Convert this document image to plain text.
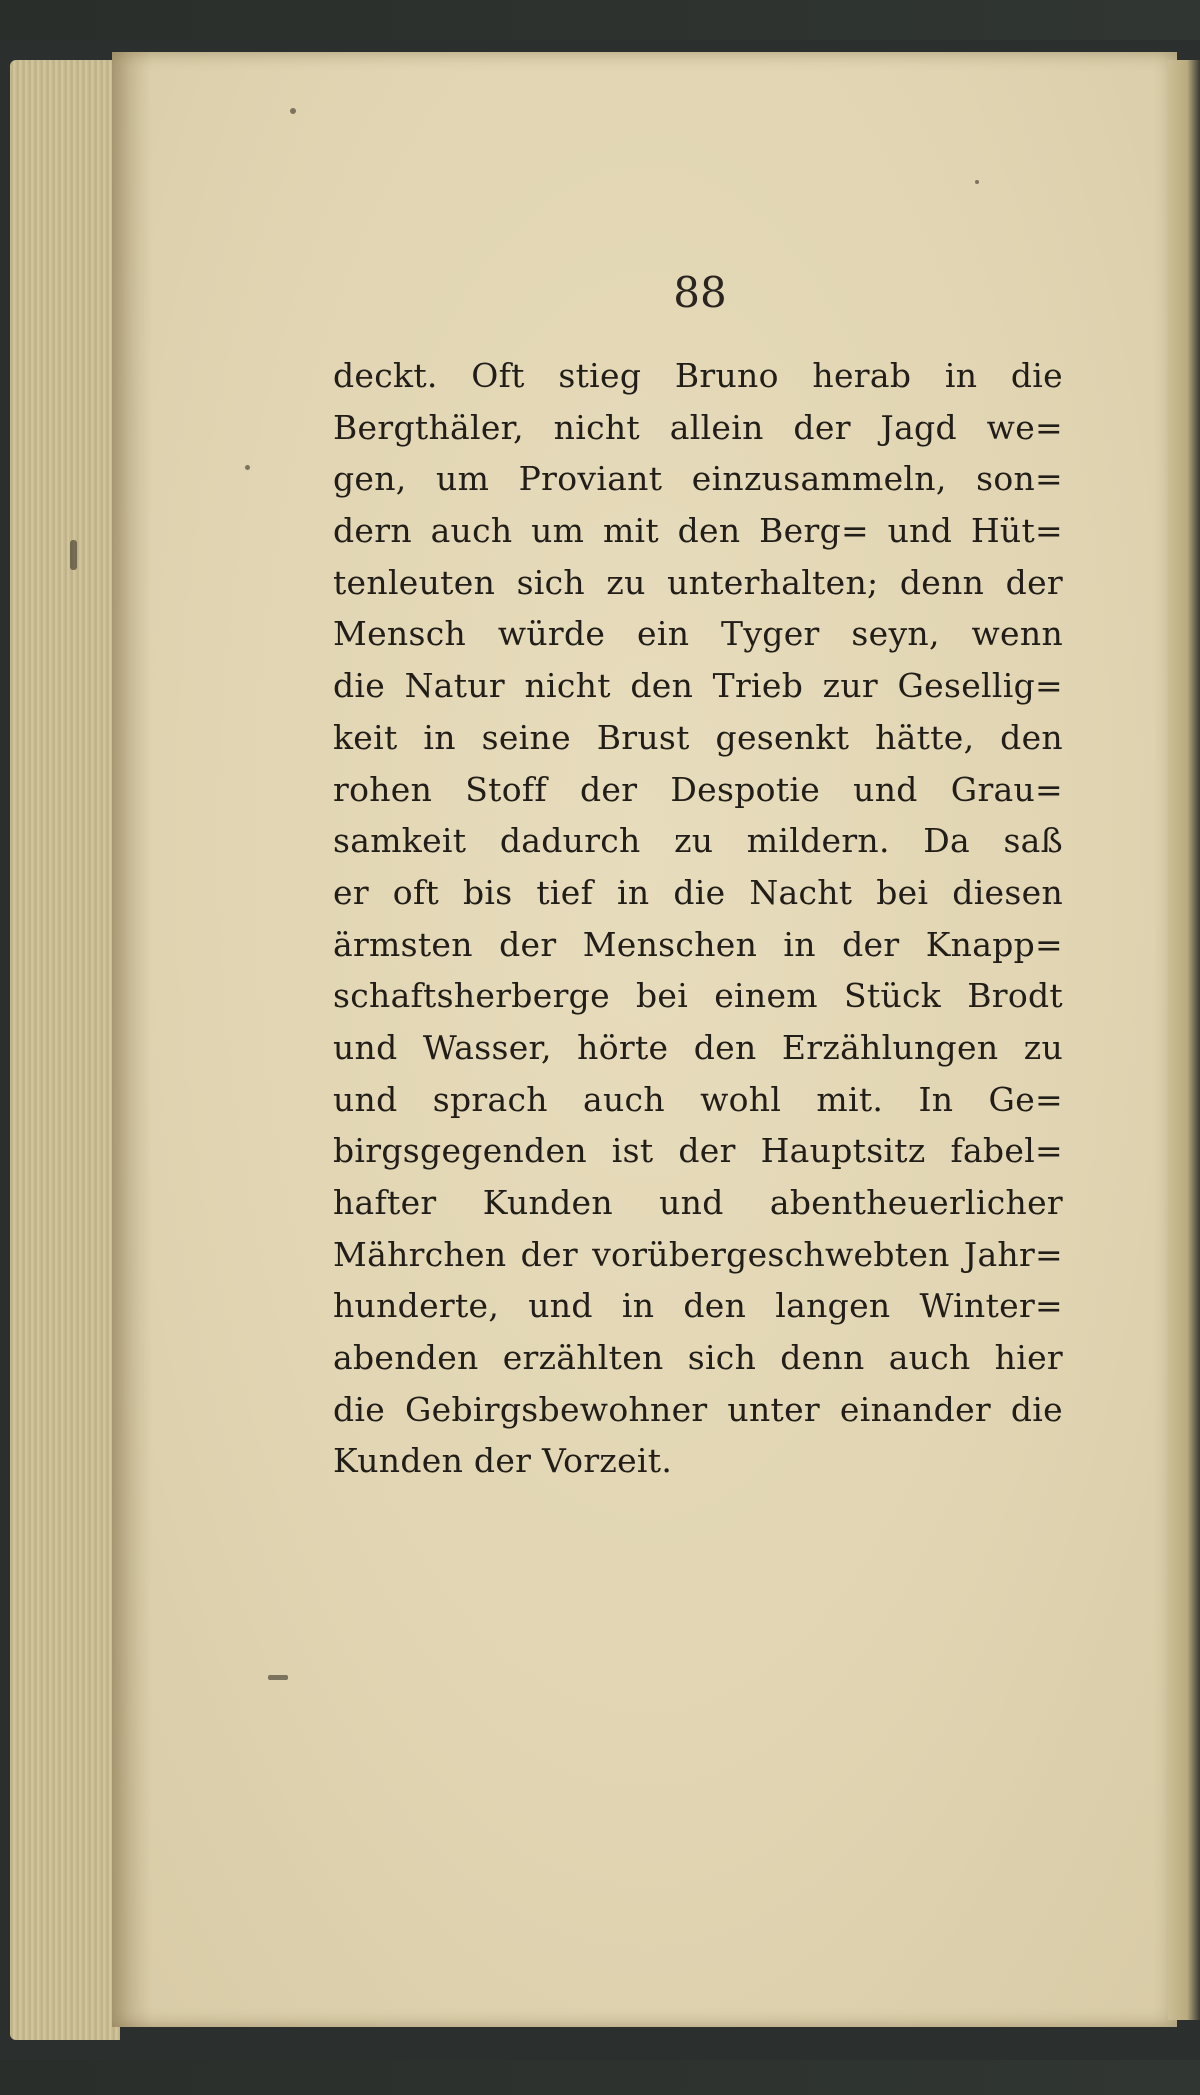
88
deckt. Oft stieg Bruno herab in die
Bergthäler, nicht allein der Jagd we=
gen, um Proviant einzusammeln, son=
dern auch um mit den Berg= und Hüt=
tenleuten sich zu unterhalten; denn der
Mensch würde ein Tyger seyn, wenn
die Natur nicht den Trieb zur Gesellig=
keit in seine Brust gesenkt hätte, den
rohen Stoff der Despotie und Grau=
samkeit dadurch zu mildern. Da saß
er oft bis tief in die Nacht bei diesen
ärmsten der Menschen in der Knapp=
schaftsherberge bei einem Stück Brodt
und Wasser, hörte den Erzählungen zu
und sprach auch wohl mit. In Ge=
birgsgegenden ist der Hauptsitz fabel=
hafter Kunden und abentheuerlicher
Mährchen der vorübergeschwebten Jahr=
hunderte, und in den langen Winter=
abenden erzählten sich denn auch hier
die Gebirgsbewohner unter einander die
Kunden der Vorzeit.
